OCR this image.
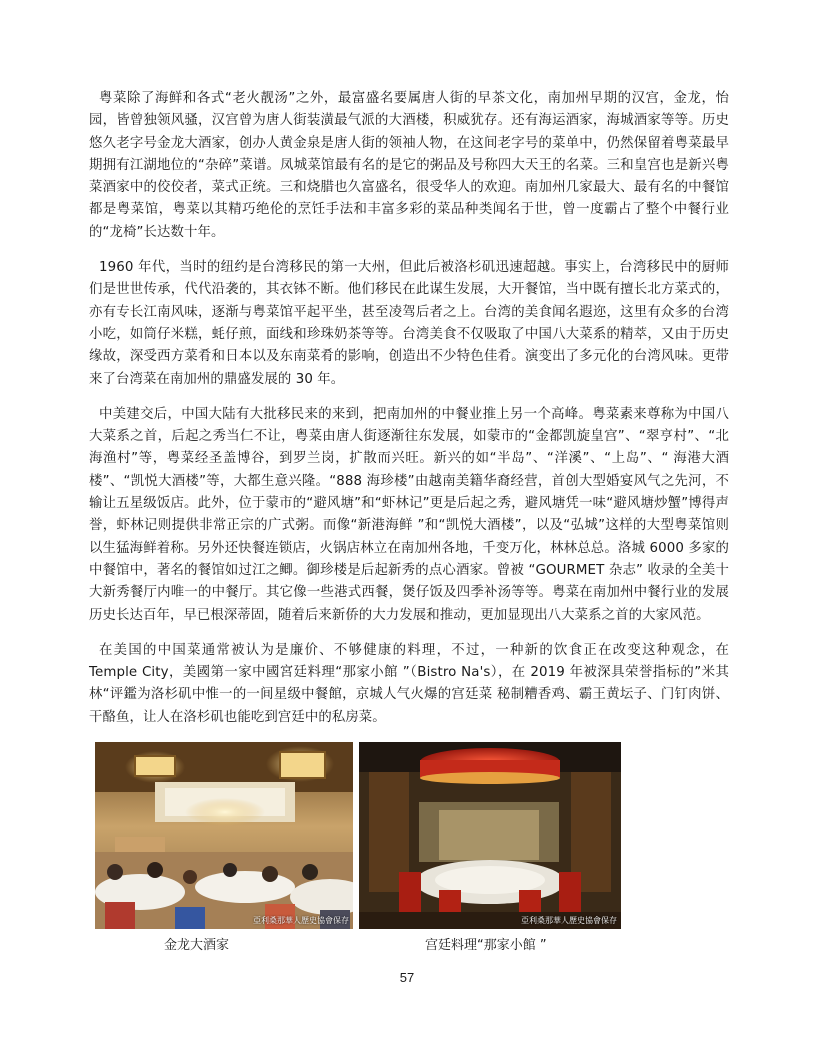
粤菜除了海鲜和各式“老火靓汤”之外，最富盛名要属唐人街的早茶文化，南加州早期的汉宫，金龙，怡园，皆曾独领风骚，汉宫曾为唐人街装潢最气派的大酒楼，积威犹存。还有海运酒家，海城酒家等等。历史悠久老字号金龙大酒家，创办人黄金泉是唐人街的领袖人物，在这间老字号的菜单中，仍然保留着粤菜最早期拥有江湖地位的“杂碎”菜谱。凤城菜馆最有名的是它的粥品及号称四大天王的名菜。三和皇宫也是新兴粤菜酒家中的佼佼者，菜式正统。三和烧腊也久富盛名，很受华人的欢迎。南加州几家最大、最有名的中餐馆都是粤菜馆，粤菜以其精巧绝伦的烹饪手法和丰富多彩的菜品种类闻名于世，曾一度霸占了整个中餐行业的“龙椅”长达数十年。

1960 年代，当时的纽约是台湾移民的第一大州，但此后被洛杉矶迅速超越。事实上，台湾移民中的厨师们是世世传承，代代沿袭的，其衣钵不断。他们移民在此谋生发展，大开餐馆，当中既有擅长北方菜式的，亦有专长江南风味，逐渐与粤菜馆平起平坐，甚至凌驾后者之上。台湾的美食闻名遐迩，这里有众多的台湾小吃，如筒仔米糕，蚝仔煎，面线和珍珠奶茶等等。台湾美食不仅吸取了中国八大菜系的精萃，又由于历史缘故，深受西方菜肴和日本以及东南菜肴的影响，创造出不少特色佳肴。演变出了多元化的台湾风味。更带来了台湾菜在南加州的鼎盛发展的 30 年。

中美建交后，中国大陆有大批移民来的来到，把南加州的中餐业推上另一个高峰。粤菜素来尊称为中国八大菜系之首，后起之秀当仁不让，粤菜由唐人街逐渐往东发展，如蒙市的“金都凯旋皇宫”、“翠亨村”、“北海渔村”等，粤菜经圣盖博谷，到罗兰岗，扩散而兴旺。新兴的如“半岛”、“洋溪”、“上岛”、“ 海港大酒楼”、“凯悦大酒楼”等，大都生意兴隆。“888 海珍楼”由越南美籍华裔经营，首创大型婚宴风气之先河，不输让五星级饭店。此外，位于蒙市的“避风塘”和“虾林记”更是后起之秀，避风塘凭一味“避风塘炒蟹”博得声誉，虾林记则提供非常正宗的广式粥。而像“新港海鲜 ”和“凯悦大酒楼”，以及“弘城”这样的大型粤菜馆则以生猛海鲜着称。另外还快餐连锁店，火锅店林立在南加州各地，千变万化，林林总总。洛城 6000 多家的中餐馆中，著名的餐馆如过江之鲫。御珍楼是后起新秀的点心酒家。曾被 “GOURMET 杂志” 收录的全美十大新秀餐厅内唯一的中餐厅。其它像一些港式西餐，煲仔饭及四季补汤等等。粤菜在南加州中餐行业的发展历史长达百年，早已根深蒂固，随着后来新侨的大力发展和推动，更加显现出八大菜系之首的大家风范。

在美国的中国菜通常被认为是廉价、不够健康的料理，不过，一种新的饮食正在改变这种观念，在 Temple City，美國第一家中國宮廷料理“那家小館 ”（Bistro Na's），在 2019 年被深具荣誉指标的”米其林“评鑑为洛杉矶中惟一的一间星级中餐館，京城人气火爆的宫廷菜 秘制糟香鸡、霸王黄坛子、门钉肉饼、干酪鱼，让人在洛杉矶也能吃到宫廷中的私房菜。

亞利桑那華人歷史協會保存	亞利桑那華人歷史協會保存
金龙大酒家	宫廷料理“那家小館 ”
57
